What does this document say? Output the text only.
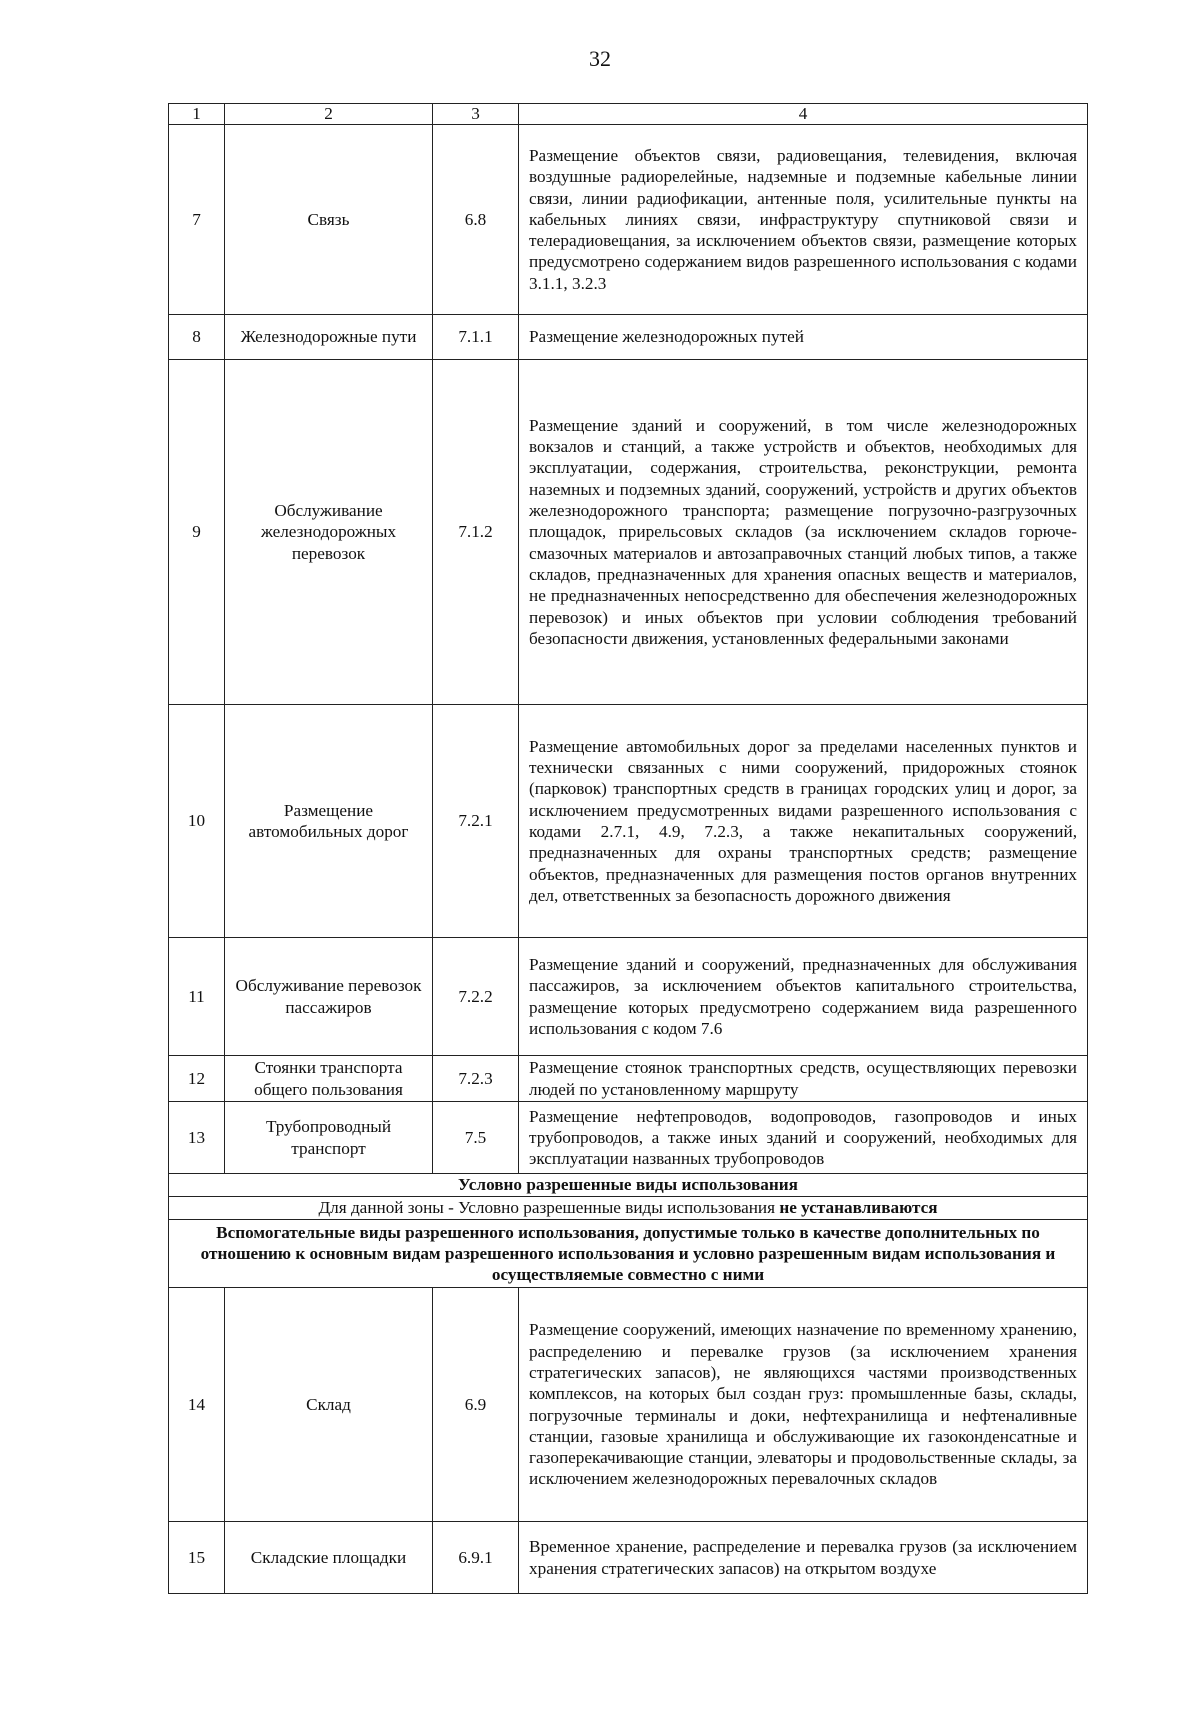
32
1	2	3	4
7	Связь	6.8	Размещение объектов связи, радиовещания, телевидения, включая воздушные радиорелейные, надземные и подземные кабельные линии связи, линии радиофикации, антенные поля, усилительные пункты на кабельных линиях связи, инфраструктуру спутниковой связи и телерадиовещания, за исключением объектов связи, размещение которых предусмотрено содержанием видов разрешенного использования с кодами 3.1.1, 3.2.3
8	Железнодорожные пути	7.1.1	Размещение железнодорожных путей
9	Обслуживание железнодорожных перевозок	7.1.2	Размещение зданий и сооружений, в том числе железнодорожных вокзалов и станций, а также устройств и объектов, необходимых для эксплуатации, содержания, строительства, реконструкции, ремонта наземных и подземных зданий, сооружений, устройств и других объектов железнодорожного транспорта; размещение погрузочно-разгрузочных площадок, прирельсовых складов (за исключением складов горюче-смазочных материалов и автозаправочных станций любых типов, а также складов, предназначенных для хранения опасных веществ и материалов, не предназначенных непосредственно для обеспечения железнодорожных перевозок) и иных объектов при условии соблюдения требований безопасности движения, установленных федеральными законами
10	Размещение автомобильных дорог	7.2.1	Размещение автомобильных дорог за пределами населенных пунктов и технически связанных с ними сооружений, придорожных стоянок (парковок) транспортных средств в границах городских улиц и дорог, за исключением предусмотренных видами разрешенного использования с кодами 2.7.1, 4.9, 7.2.3, а также некапитальных сооружений, предназначенных для охраны транспортных средств; размещение объектов, предназначенных для размещения постов органов внутренних дел, ответственных за безопасность дорожного движения
11	Обслуживание перевозок пассажиров	7.2.2	Размещение зданий и сооружений, предназначенных для обслуживания пассажиров, за исключением объектов капитального строительства, размещение которых предусмотрено содержанием вида разрешенного использования с кодом 7.6
12	Стоянки транспорта общего пользования	7.2.3	Размещение стоянок транспортных средств, осуществляющих перевозки людей по установленному маршруту
13	Трубопроводный транспорт	7.5	Размещение нефтепроводов, водопроводов, газопроводов и иных трубопроводов, а также иных зданий и сооружений, необходимых для эксплуатации названных трубопроводов
Условно разрешенные виды использования			
Для данной зоны - Условно разрешенные виды использования не устанавливаются			
Вспомогательные виды разрешенного использования, допустимые только в качестве дополнительных по отношению к основным видам разрешенного использования и условно разрешенным видам использования и осуществляемые совместно с ними			
14	Склад	6.9	Размещение сооружений, имеющих назначение по временному хранению, распределению и перевалке грузов (за исключением хранения стратегических запасов), не являющихся частями производственных комплексов, на которых был создан груз: промышленные базы, склады, погрузочные терминалы и доки, нефтехранилища и нефтеналивные станции, газовые хранилища и обслуживающие их газоконденсатные и газоперекачивающие станции, элеваторы и продовольственные склады, за исключением железнодорожных перевалочных складов
15	Складские площадки	6.9.1	Временное хранение, распределение и перевалка грузов (за исключением хранения стратегических запасов) на открытом воздухе
